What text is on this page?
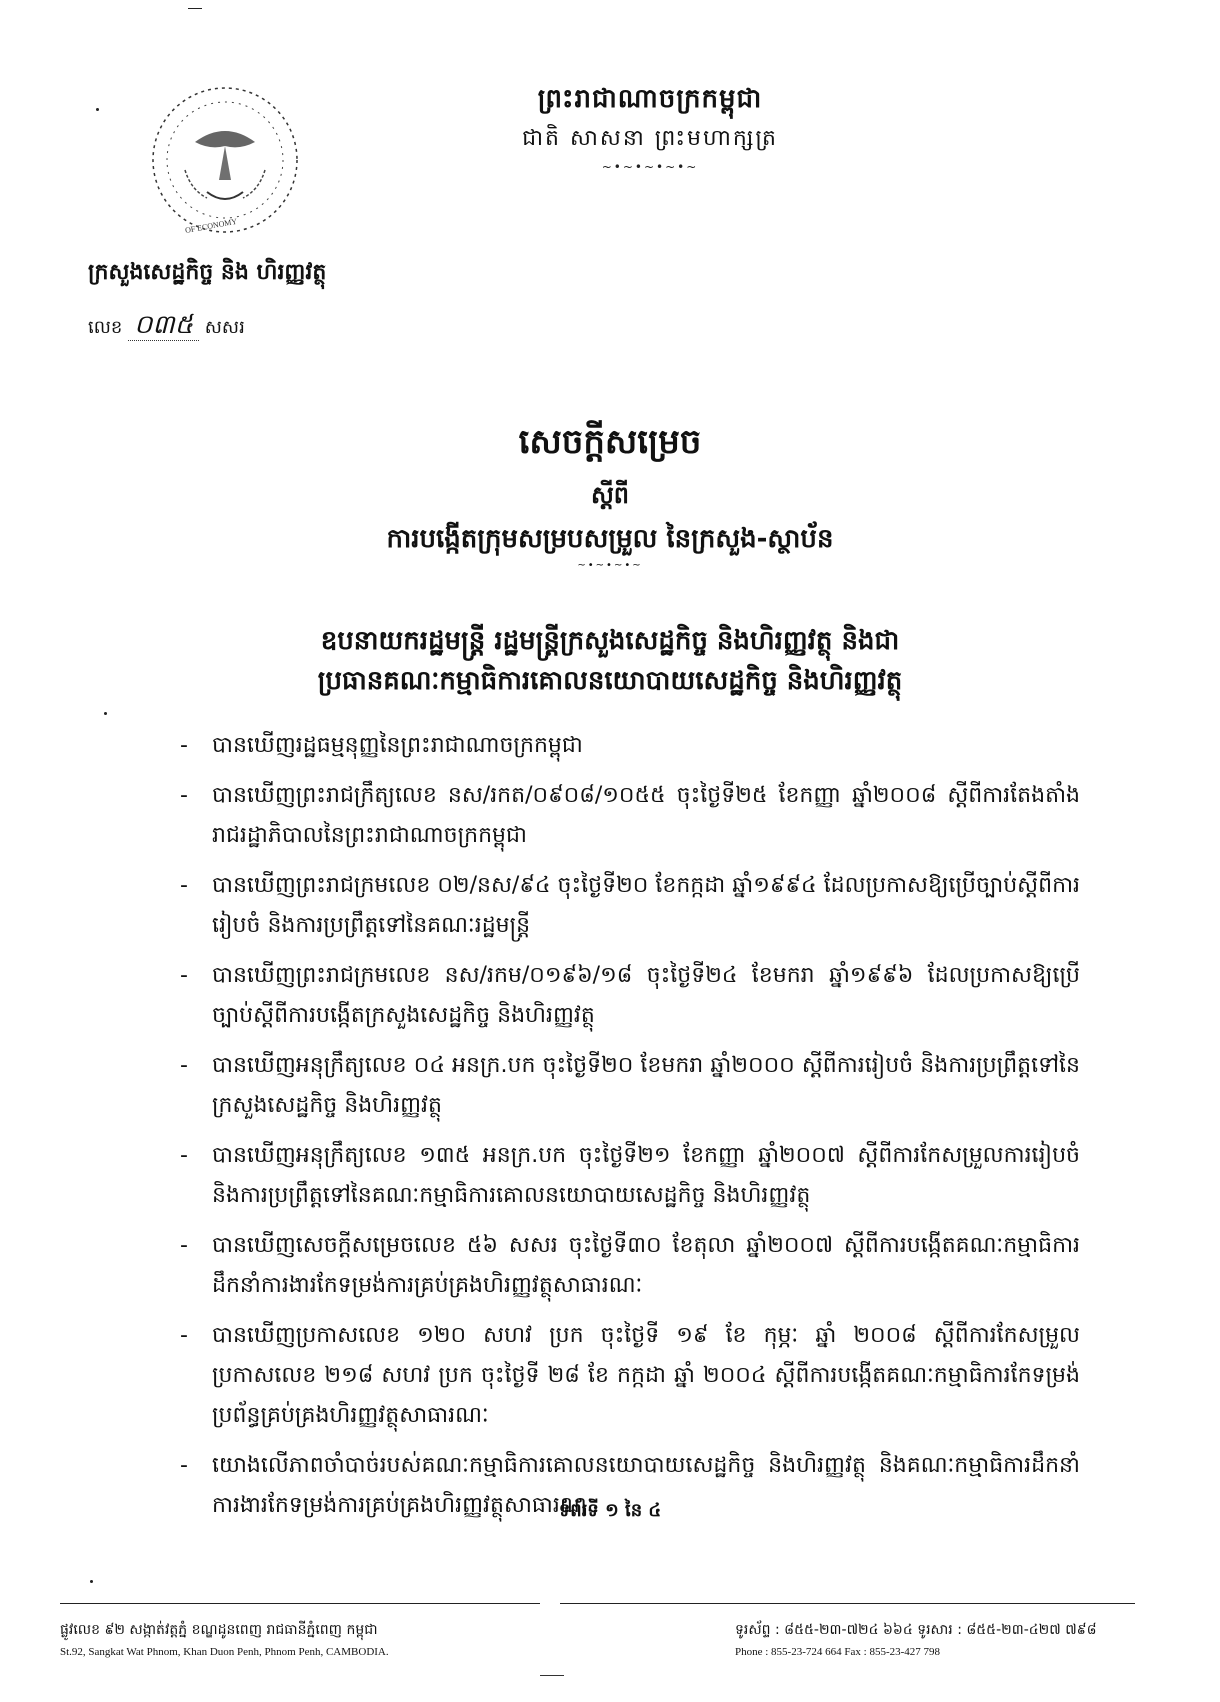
OF ECONOMY
ព្រះរាជាណាចក្រកម្ពុជា
ជាតិ សាសនា ព្រះមហាក្សត្រ
~•~•~•~•~
ក្រសួងសេដ្ឋកិច្ច និង ហិរញ្ញវត្ថុ
លេខ ០៣៥ សសរ
សេចក្ដីសម្រេច
ស្ដីពី
ការបង្កើតក្រុមសម្របសម្រួល នៃក្រសួង-ស្ថាប័ន
~•~•~•~
ឧបនាយករដ្ឋមន្ត្រី រដ្ឋមន្ត្រីក្រសួងសេដ្ឋកិច្ច និងហិរញ្ញវត្ថុ និងជា
ប្រធានគណៈកម្មាធិការគោលនយោបាយសេដ្ឋកិច្ច និងហិរញ្ញវត្ថុ
- បានឃើញរដ្ឋធម្មនុញ្ញនៃព្រះរាជាណាចក្រកម្ពុជា
- បានឃើញព្រះរាជក្រឹត្យលេខ នស/រកត/០៩០៨/១០៥៥ ចុះថ្ងៃទី២៥ ខែកញ្ញា ឆ្នាំ២០០៨ ស្ដីពីការតែងតាំងរាជរដ្ឋាភិបាលនៃព្រះរាជាណាចក្រកម្ពុជា
- បានឃើញព្រះរាជក្រមលេខ ០២/នស/៩៤ ចុះថ្ងៃទី២០ ខែកក្កដា ឆ្នាំ១៩៩៤ ដែលប្រកាសឱ្យប្រើច្បាប់ស្ដីពីការរៀបចំ និងការប្រព្រឹត្តទៅនៃគណៈរដ្ឋមន្ត្រី
- បានឃើញព្រះរាជក្រមលេខ នស/រកម/០១៩៦/១៨ ចុះថ្ងៃទី២៤ ខែមករា ឆ្នាំ១៩៩៦ ដែលប្រកាសឱ្យប្រើច្បាប់ស្ដីពីការបង្កើតក្រសួងសេដ្ឋកិច្ច និងហិរញ្ញវត្ថុ
- បានឃើញអនុក្រឹត្យលេខ ០៤ អនក្រ.បក ចុះថ្ងៃទី២០ ខែមករា ឆ្នាំ២០០០ ស្ដីពីការរៀបចំ និងការប្រព្រឹត្តទៅនៃក្រសួងសេដ្ឋកិច្ច និងហិរញ្ញវត្ថុ
- បានឃើញអនុក្រឹត្យលេខ ១៣៥ អនក្រ.បក ចុះថ្ងៃទី២១ ខែកញ្ញា ឆ្នាំ២០០៧ ស្ដីពីការកែសម្រួលការរៀបចំ និងការប្រព្រឹត្តទៅនៃគណៈកម្មាធិការគោលនយោបាយសេដ្ឋកិច្ច និងហិរញ្ញវត្ថុ
- បានឃើញសេចក្ដីសម្រេចលេខ ៥៦ សសរ ចុះថ្ងៃទី៣០ ខែតុលា ឆ្នាំ២០០៧ ស្ដីពីការបង្កើតគណៈកម្មាធិការដឹកនាំការងារកែទម្រង់ការគ្រប់គ្រងហិរញ្ញវត្ថុសាធារណៈ
- បានឃើញប្រកាសលេខ ១២០ សហវ ប្រក ចុះថ្ងៃទី ១៩ ខែ កុម្ភៈ ឆ្នាំ ២០០៨ ស្ដីពីការកែសម្រួល ប្រកាសលេខ ២១៨ សហវ ប្រក ចុះថ្ងៃទី ២៨ ខែ កក្កដា ឆ្នាំ ២០០៤ ស្ដីពីការបង្កើតគណៈកម្មាធិការកែទម្រង់ប្រព័ន្ធគ្រប់គ្រងហិរញ្ញវត្ថុសាធារណៈ
- យោងលើភាពចាំបាច់របស់គណៈកម្មាធិការគោលនយោបាយសេដ្ឋកិច្ច និងហិរញ្ញវត្ថុ និងគណៈកម្មាធិការដឹកនាំការងារកែទម្រង់ការគ្រប់គ្រងហិរញ្ញវត្ថុសាធារណៈ
ទំព័រទី ១ នៃ ៤
ផ្លូវលេខ ៩២ សង្កាត់វត្តភ្នំ ខណ្ឌដូនពេញ រាជធានីភ្នំពេញ កម្ពុជា
St.92, Sangkat Wat Phnom, Khan Duon Penh, Phnom Penh, CAMBODIA.
ទូរស័ព្ទ : ៨៥៥-២៣-៧២៤ ៦៦៤ ទូរសារ : ៨៥៥-២៣-៤២៧ ៧៩៨
Phone : 855-23-724 664 Fax : 855-23-427 798
